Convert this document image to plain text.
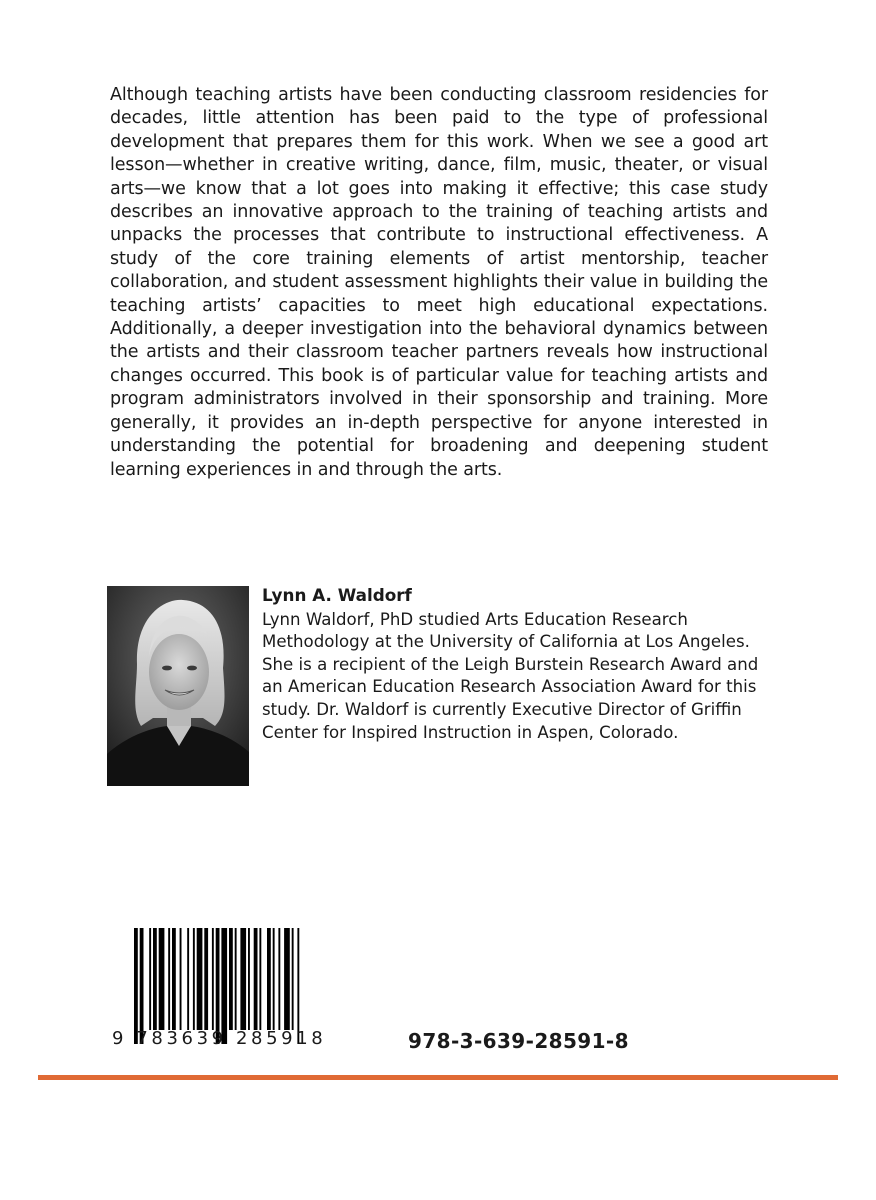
Although teaching artists have been conducting classroom residencies for decades, little attention has been paid to the type of professional development that prepares them for this work. When we see a good art lesson—whether in creative writing, dance, film, music, theater, or visual arts—we know that a lot goes into making it effective; this case study describes an innovative approach to the training of teaching artists and unpacks the processes that contribute to instructional effectiveness. A study of the core training elements of artist mentorship, teacher collaboration, and student assessment highlights their value in building the teaching artists’ capacities to meet high educational expectations. Additionally, a deeper investigation into the behavioral dynamics between the artists and their classroom teacher partners reveals how instructional changes occurred. This book is of particular value for teaching artists and program administrators involved in their sponsorship and training. More generally, it provides an in-depth perspective for anyone interested in understanding the potential for broadening and deepening student learning experiences in and through the arts.

Lynn A. Waldorf

Lynn Waldorf, PhD studied Arts Education Research Methodology at the University of California at Los Angeles. She is a recipient of the Leigh Burstein Research Award and an American Education Research Association Award for this study. Dr. Waldorf is currently Executive Director of Griffin Center for Inspired Instruction in Aspen, Colorado.

9 783639 285918	978-3-639-28591-8
